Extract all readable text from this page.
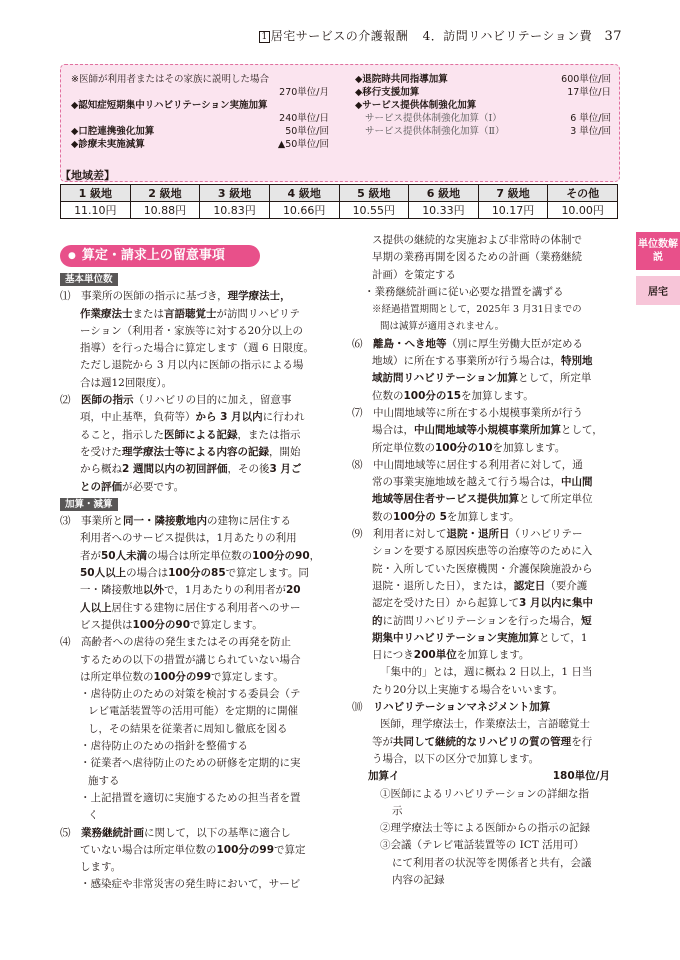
1 居宅サービスの介護報酬 4．訪問リハビリテーション費 37
※医師が利用者またはその家族に説明した場合
270単位/月
◆認知症短期集中リハビリテーション実施加算
240単位/日
◆口腔連携強化加算	50単位/回
◆診療未実施減算	▲50単位/回
◆退院時共同指導加算	600単位/回
◆移行支援加算	17単位/日
◆サービス提供体制強化加算
サービス提供体制強化加算（Ⅰ）	6 単位/回
サービス提供体制強化加算（Ⅱ）	3 単位/回
【地域差】
1 級地	2 級地	3 級地	4 級地	5 級地	6 級地	7 級地	その他
11.10円	10.88円	10.83円	10.66円	10.55円	10.33円	10.17円	10.00円
単位数解説
居宅
● 算定・請求上の留意事項

基本単位数

⑴　 事業所の医師の指示に基づき，理学療法士，

作業療法士または言語聴覚士が訪問リハビリテ

ーション（利用者・家族等に対する20分以上の

指導）を行った場合に算定します（週 6 日限度。

ただし退院から 3 月以内に医師の指示による場

合は週12回限度）。

⑵　 医師の指示（リハビリの目的に加え，留意事

項，中止基準，負荷等）から 3 月以内に行われ

ること，指示した医師による記録，または指示

を受けた理学療法士等による内容の記録，開始

から概ね2 週間以内の初回評価，その後3 月ご

との評価が必要です。

加算・減算

⑶　 事業所と同一・隣接敷地内の建物に居住する

利用者へのサービス提供は，1月あたりの利用

者が50人未満の場合は所定単位数の100分の90，

50人以上の場合は100分の85で算定します。同

一・隣接敷地以外で，1月あたりの利用者が20

人以上居住する建物に居住する利用者へのサー

ビス提供は100分の90で算定します。

⑷　 高齢者への虐待の発生またはその再発を防止

するための以下の措置が講じられていない場合

は所定単位数の100分の99で算定します。

・虐待防止のための対策を検討する委員会（テ

レビ電話装置等の活用可能）を定期的に開催

し，その結果を従業者に周知し徹底を図る

・虐待防止のための指針を整備する

・従業者へ虐待防止のための研修を定期的に実

施する

・上記措置を適切に実施するための担当者を置

く

⑸　 業務継続計画に関して，以下の基準に適合し

ていない場合は所定単位数の100分の99で算定

します。

・感染症や非常災害の発生時において，サービ

ス提供の継続的な実施および非常時の体制で

早期の業務再開を図るための計画（業務継続

計画）を策定する

・業務継続計画に従い必要な措置を講ずる

※経過措置期間として，2025年 3 月31日までの

間は減算が適用されません。

⑹　 離島・へき地等（別に厚生労働大臣が定める

地域）に所在する事業所が行う場合は，特別地

域訪問リハビリテーション加算として，所定単

位数の100分の15を加算します。

⑺　 中山間地域等に所在する小規模事業所が行う

場合は，中山間地域等小規模事業所加算として，

所定単位数の100分の10を加算します。

⑻　 中山間地域等に居住する利用者に対して，通

常の事業実施地域を越えて行う場合は，中山間

地域等居住者サービス提供加算として所定単位

数の100分の 5を加算します。

⑼　 利用者に対して退院・退所日（リハビリテー

ションを要する原因疾患等の治療等のために入

院・入所していた医療機関・介護保険施設から

退院・退所した日），または，認定日（要介護

認定を受けた日）から起算して3 月以内に集中

的に訪問リハビリテーションを行った場合，短

期集中リハビリテーション実施加算として，1

日につき200単位を加算します。

「集中的」とは，週に概ね 2 日以上，1 日当

たり20分以上実施する場合をいいます。

⑽　 リハビリテーションマネジメント加算

医師，理学療法士，作業療法士，言語聴覚士

等が共同して継続的なリハビリの質の管理を行

う場合，以下の区分で加算します。

加算イ	180単位/月

①医師によるリハビリテーションの詳細な指

示

②理学療法士等による医師からの指示の記録

③会議（テレビ電話装置等の ICT 活用可）

にて利用者の状況等を関係者と共有，会議

内容の記録
